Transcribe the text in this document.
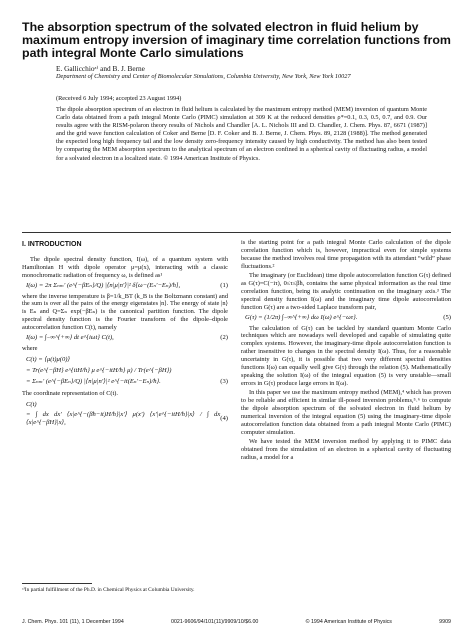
The absorption spectrum of the solvated electron in fluid helium by maximum entropy inversion of imaginary time correlation functions from path integral Monte Carlo simulations
E. Gallicchioᵃ⁾ and B. J. Berne
Department of Chemistry and Center of Biomolecular Simulations, Columbia University, New York, New York 10027
(Received 6 July 1994; accepted 23 August 1994)

The dipole absorption spectrum of an electron in fluid helium is calculated by the maximum entropy method (MEM) inversion of quantum Monte Carlo data obtained from a path integral Monte Carlo (PIMC) simulation at 309 K at the reduced densities ρ*=0.1, 0.3, 0.5, 0.7, and 0.9. Our results agree with the RISM-polaron theory results of Nichols and Chandler [A. L. Nichols III and D. Chandler, J. Chem. Phys. 87, 6671 (1987)] and the grid wave function calculation of Coker and Berne [D. F. Coker and B. J. Berne, J. Chem. Phys. 89, 2128 (1988)]. The method generated the expected long high frequency tail and the low density zero-frequency intensity caused by high conductivity. The method has also been tested by comparing the MEM absorption spectrum to the analytical spectrum of an electron confined in a spherical cavity of fluctuating radius, a model for a solvated electron in a localized state. © 1994 American Institute of Physics.

I. INTRODUCTION

The dipole spectral density function, I(ω), of a quantum system with Hamiltonian H with dipole operator μ=μ(x), interacting with a classic monochromatic radiation of frequency ω, is defined as¹

I(ω) = 2π Σₙₘ′ (e^{−βEₙ}/Q) |⟨n|μ|n′⟩|² δ[ω−(Eₙ′−Eₙ)/ħ],	(1)

where the inverse temperature is β=1/k_BT (k_B is the Boltzmann constant) and the sum is over all the pairs of the energy eigenstates |n⟩. The energy of state |n⟩ is Eₙ and Q=Σₙ exp(−βEₙ) is the canonical partition function. The dipole spectral density function is the Fourier transform of the dipole–dipole autocorrelation function C(t), namely

I(ω) = ∫₋∞^{+∞} dt e^{iωt} C(t),	(2)

where

C(t) = ⟨μ(t)μ(0)⟩
= Tr(e^{−βH} e^{itH/ħ} μ e^{−itH/ħ} μ) / Tr(e^{−βH})
= Σₙₘ′ (e^{−βEₙ}/Q) |⟨n|μ|n′⟩|² e^{−it(Eₙ′−Eₙ)/ħ}.	(3)

The coordinate representation of C(t).

C(t)
= ∫ dx dx′ ⟨x|e^{−(βħ−it)H/ħ}|x′⟩ μ(x′) ⟨x′|e^{−itH/ħ}|x⟩ / ∫ dx ⟨x|e^{−βH}|x⟩,
(4)
ᵃ⁾In partial fulfillment of the Ph.D. in Chemical Physics at Columbia University.

is the starting point for a path integral Monte Carlo calculation of the dipole correlation function which is, however, impractical even for simple systems because the method involves real time propagation with its attendant “wild” phase fluctuations.²

The imaginary (or Euclidean) time dipole autocorrelation function G(τ) defined as G(τ)=C(−iτ), 0≤τ≤βħ, contains the same physical information as the real time correlation function, being its analytic continuation on the imaginary axis.³ The spectral density function I(ω) and the imaginary time dipole autocorrelation function G(τ) are a two-sided Laplace transform pair,

G(τ) = (1/2π) ∫₋∞^{+∞} dω I(ω) e^{−ωτ}.	(5)

The calculation of G(τ) can be tackled by standard quantum Monte Carlo techniques which are nowadays well developed and capable of simulating quite complex systems. However, the imaginary-time dipole autocorrelation function is rather insensitive to changes in the spectral density I(ω). Thus, for a reasonable uncertainty in G(τ), it is possible that two very different spectral densities functions I(ω) can equally well give G(τ) through the relation (5). Mathematically speaking the solution I(ω) of the integral equation (5) is very unstable—small errors in G(τ) produce large errors in I(ω).

In this paper we use the maximum entropy method (MEM),⁴ which has proven to be reliable and efficient in similar ill-posed inversion problems,⁵˒⁶ to compute the dipole absorption spectrum of the solvated electron in fluid helium by numerical inversion of the integral equation (5) using the imaginary-time dipole autocorrelation function data obtained from a path integral Monte Carlo (PIMC) computer simulation.

We have tested the MEM inversion method by applying it to PIMC data obtained from the simulation of an electron in a spherical cavity of fluctuating radius, a model for a

J. Chem. Phys. 101 (11), 1 December 1994	0021-9606/94/101(11)/9909/10/$6.00	© 1994 American Institute of Physics	9909
